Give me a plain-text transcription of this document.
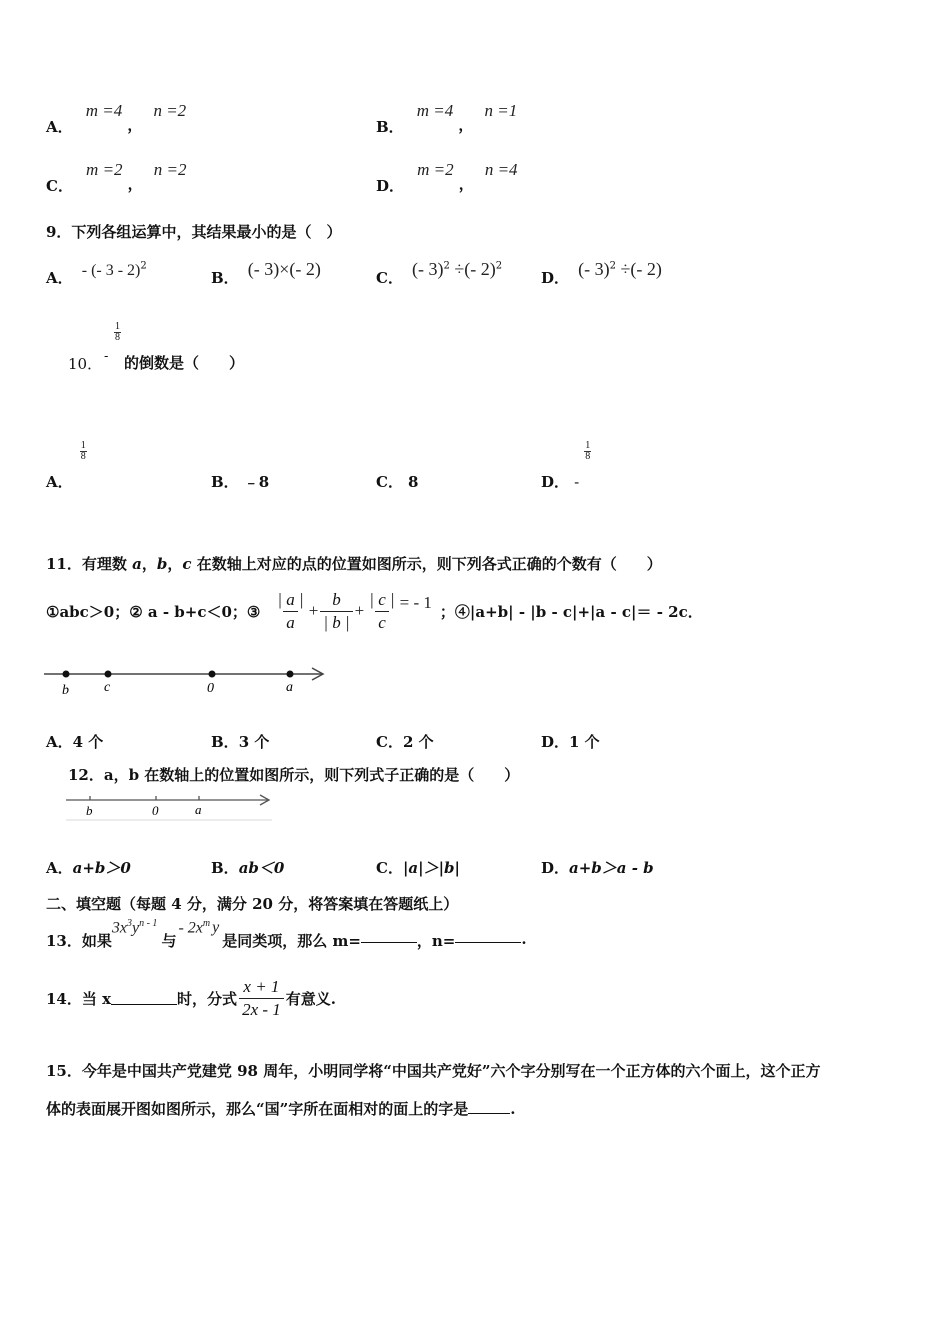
A． m =4 ， n =2
B． m =4 ， n =1
C． m =2 ， n =2
D． m =2 ， n =4
9．下列各组运算中，其结果最小的是（　）
A． - (- 3 - 2)$^2$
B． (- 3)×(- 2)	C． (- 3)$^2$ ÷(- 2)$^2$
D． (- 3)$^2$ ÷(- 2)
10． -
1
8
的倒数是（　　）
A．
$\frac{1}{8}$
B． ﹣8	C． 8	D． -
$\frac{1}{8}$
11．有理数 a，b，c 在数轴上对应的点的位置如图所示，则下列各式正确的个数有（　　）
①abc＞0；② a - b+c＜0；③ $\frac{| a |}{a} + \frac{b}{| b |} + \frac{| c |}{c}$ = - 1 ；④|a+b| - |b - c|+|a - c|＝ - 2c．
b	c	0	a
A．4 个	B．3 个	C．2 个	D．1 个
12．a，b 在数轴上的位置如图所示，则下列式子正确的是（　　）
b	0	a
A．a+b＞0	B．ab＜0	C．|a|＞|b|	D．a+b＞a - b
二、填空题（每题 4 分，满分 20 分，将答案填在答题纸上）
13．如果
$3x^3y^{n - 1}$
与
- $2x^m$ y
是同类项，那么 m=	，n=	.
14．当 x	时，分式 $\frac{x + 1}{2x - 1}$ 有意义.
15．今年是中国共产党建党 98 周年，小明同学将“中国共产党好”六个字分别写在一个正方体的六个面上，这个正方
体的表面展开图如图所示，那么“国”字所在面相对的面上的字是	.
